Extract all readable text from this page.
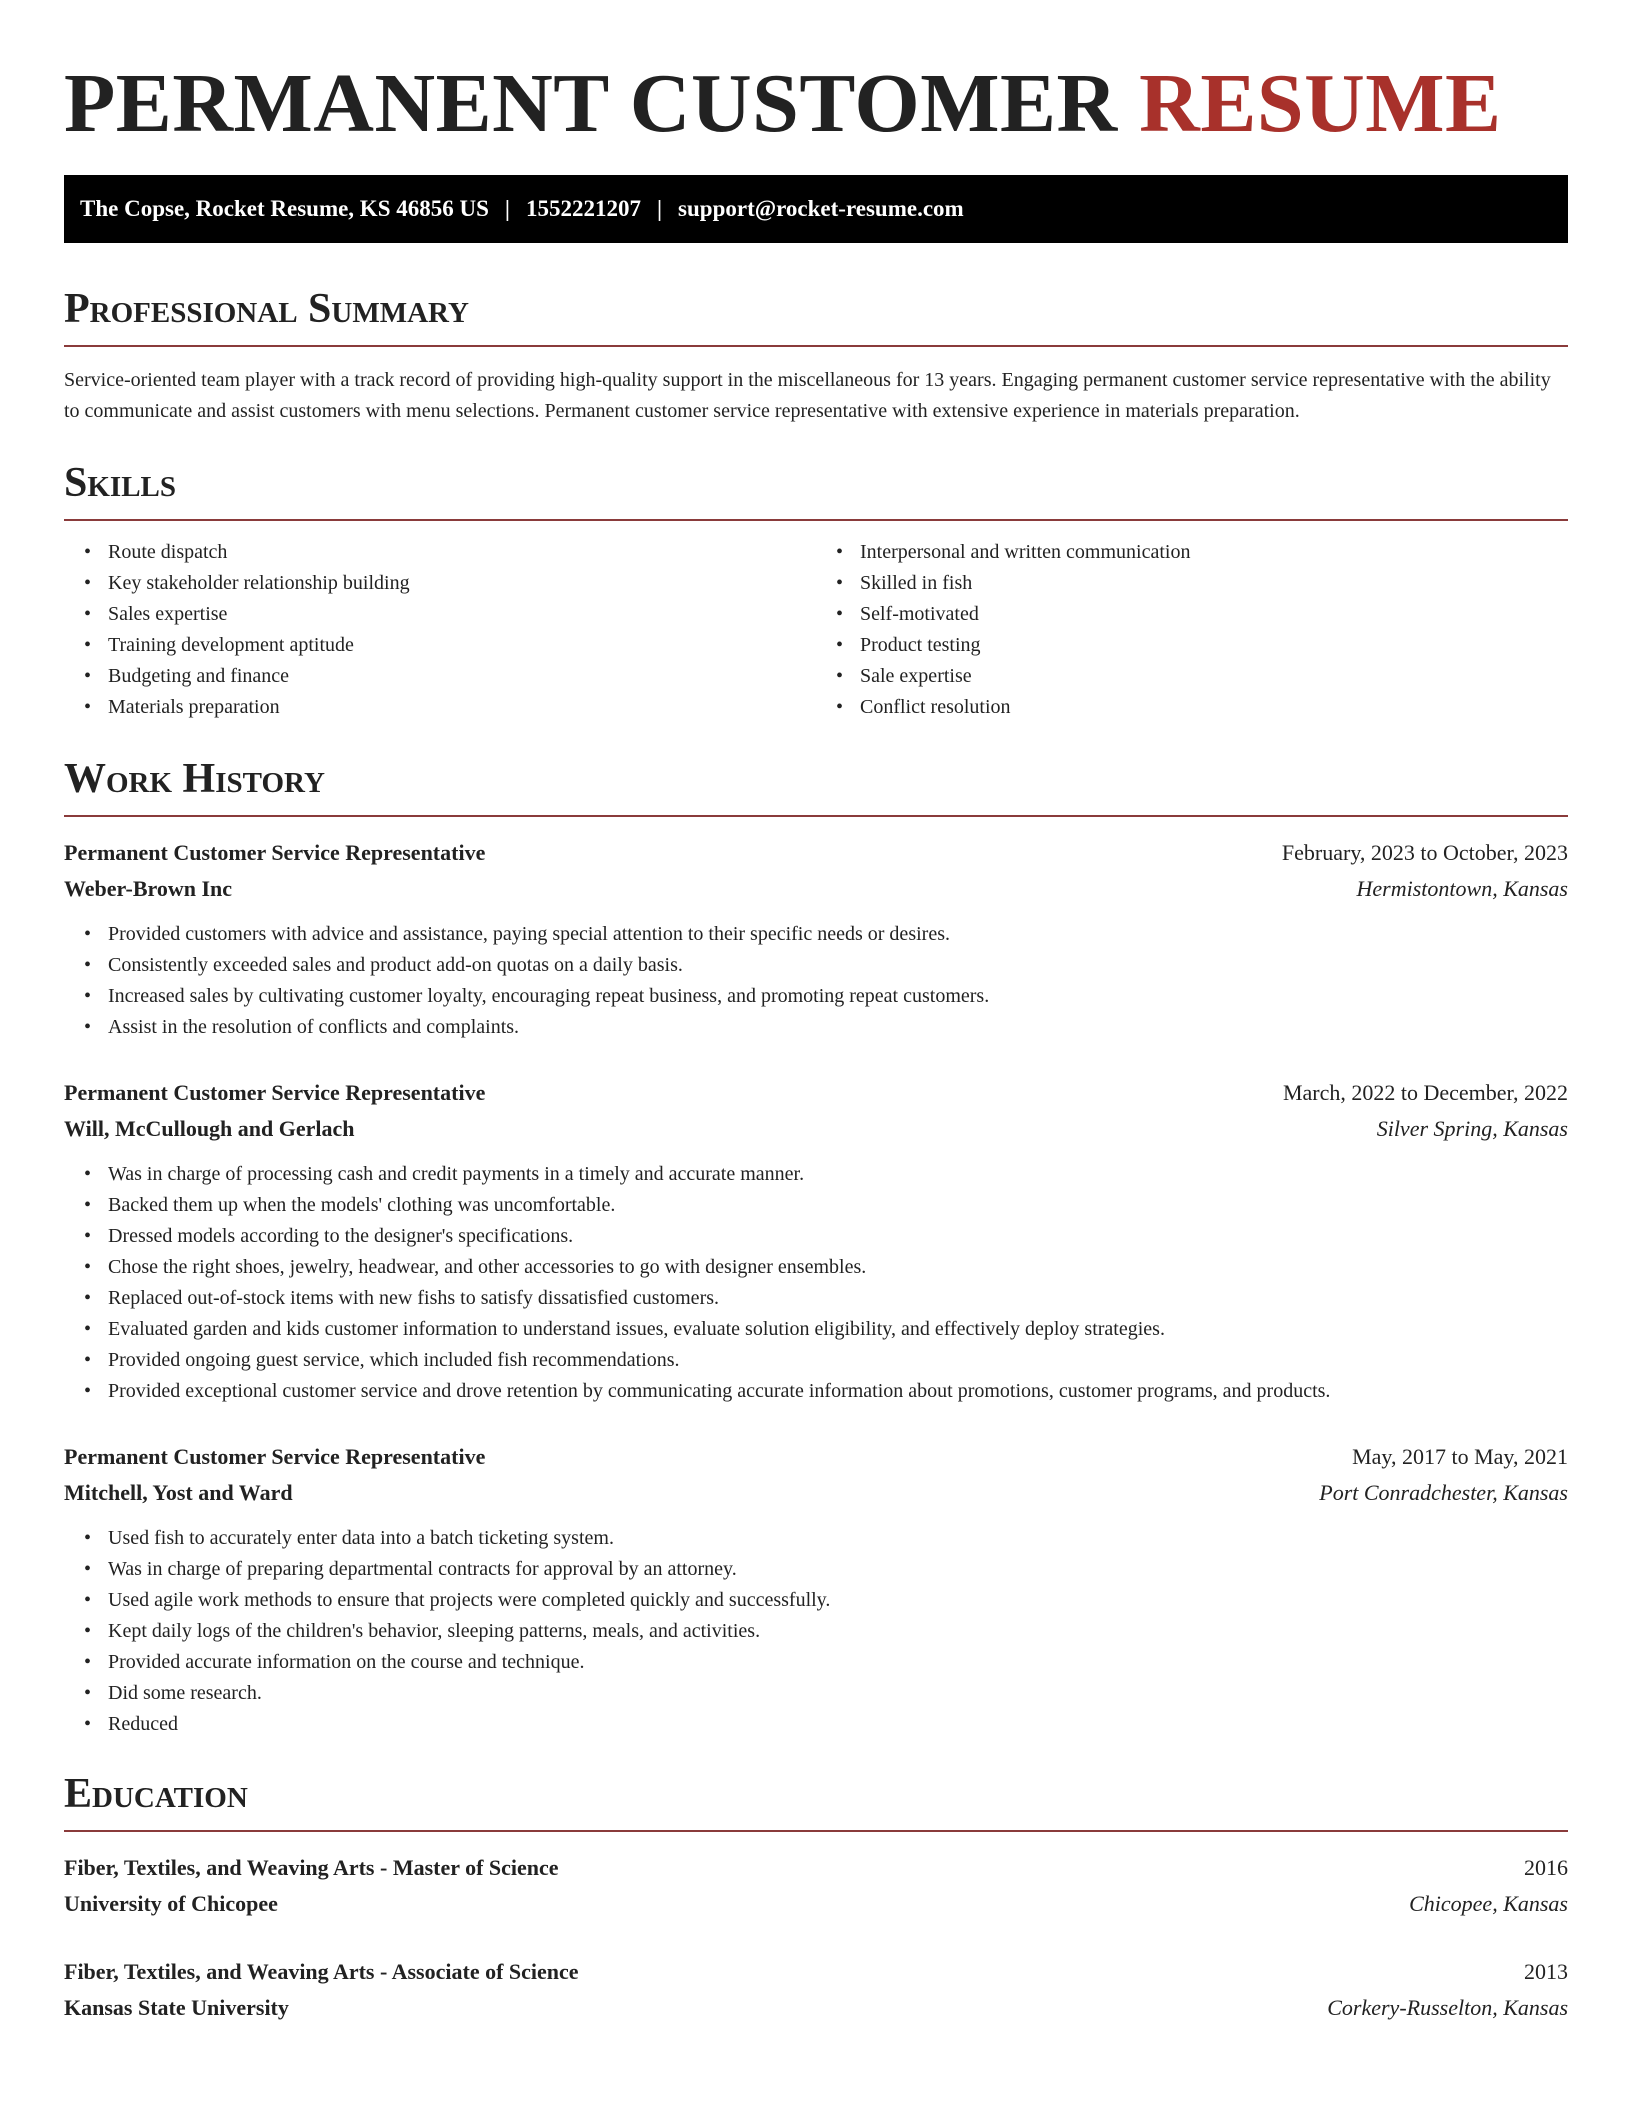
PERMANENT CUSTOMER RESUME
The Copse, Rocket Resume, KS 46856 US | 1552221207 | support@rocket-resume.com
Professional Summary

Service-oriented team player with a track record of providing high-quality support in the miscellaneous for 13 years. Engaging permanent customer service representative with the ability to communicate and assist customers with menu selections. Permanent customer service representative with extensive experience in materials preparation.

Skills
• Route dispatch
• Key stakeholder relationship building
• Sales expertise
• Training development aptitude
• Budgeting and finance
• Materials preparation
• Interpersonal and written communication
• Skilled in fish
• Self-motivated
• Product testing
• Sale expertise
• Conflict resolution
Work History
Permanent Customer Service Representative	February, 2023 to October, 2023
Weber-Brown Inc	Hermistontown, Kansas
• Provided customers with advice and assistance, paying special attention to their specific needs or desires.
• Consistently exceeded sales and product add-on quotas on a daily basis.
• Increased sales by cultivating customer loyalty, encouraging repeat business, and promoting repeat customers.
• Assist in the resolution of conflicts and complaints.
Permanent Customer Service Representative	March, 2022 to December, 2022
Will, McCullough and Gerlach	Silver Spring, Kansas
• Was in charge of processing cash and credit payments in a timely and accurate manner.
• Backed them up when the models' clothing was uncomfortable.
• Dressed models according to the designer's specifications.
• Chose the right shoes, jewelry, headwear, and other accessories to go with designer ensembles.
• Replaced out-of-stock items with new fishs to satisfy dissatisfied customers.
• Evaluated garden and kids customer information to understand issues, evaluate solution eligibility, and effectively deploy strategies.
• Provided ongoing guest service, which included fish recommendations.
• Provided exceptional customer service and drove retention by communicating accurate information about promotions, customer programs, and products.
Permanent Customer Service Representative	May, 2017 to May, 2021
Mitchell, Yost and Ward	Port Conradchester, Kansas
• Used fish to accurately enter data into a batch ticketing system.
• Was in charge of preparing departmental contracts for approval by an attorney.
• Used agile work methods to ensure that projects were completed quickly and successfully.
• Kept daily logs of the children's behavior, sleeping patterns, meals, and activities.
• Provided accurate information on the course and technique.
• Did some research.
• Reduced
Education
Fiber, Textiles, and Weaving Arts - Master of Science	2016
University of Chicopee	Chicopee, Kansas
Fiber, Textiles, and Weaving Arts - Associate of Science	2013
Kansas State University	Corkery-Russelton, Kansas
